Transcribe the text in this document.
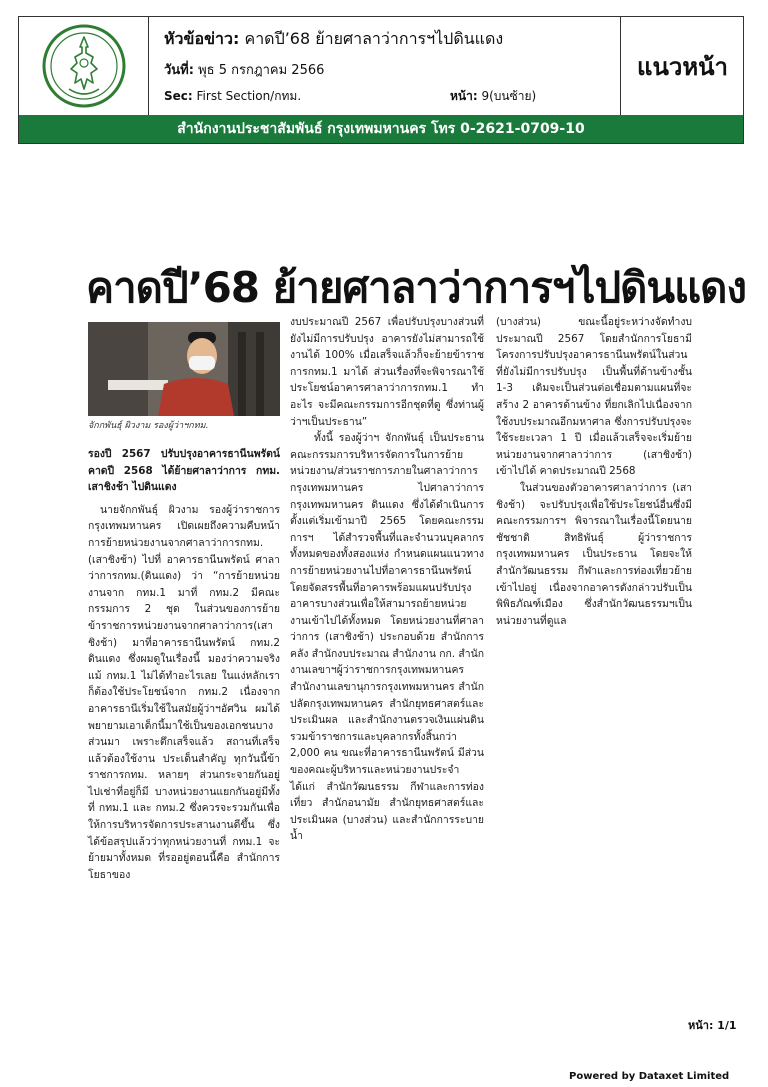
หัวข้อข่าว: คาดปี’68 ย้ายศาลาว่าการฯไปดินแดง
วันที่: พุธ 5 กรกฎาคม 2566
Sec: First Section/กทม.	หน้า: 9(บนซ้าย)
แนวหน้า
สำนักงานประชาสัมพันธ์ กรุงเทพมหานคร โทร 0-2621-0709-10
คาดปี’68 ย้ายศาลาว่าการฯไปดินแดง
จักกพันธุ์ ผิวงาม รองผู้ว่าฯกทม.

รองปี 2567 ปรับปรุงอาคารธานีนพรัตน์ คาดปี 2568 ได้ย้ายศาลาว่าการ กทม. เสาชิงช้า ไปดินแดง

นายจักกพันธุ์ ผิวงาม รองผู้ว่าราชการกรุงเทพมหานคร เปิดเผยถึงความคืบหน้าการย้ายหน่วยงานจากศาลาว่าการกทม.(เสาชิงช้า) ไปที่ อาคารธานีนพรัตน์ ศาลาว่าการกทม.(ดินแดง) ว่า “การย้ายหน่วยงานจาก กทม.1 มาที่ กทม.2 มีคณะกรรมการ 2 ชุด ในส่วนของการย้ายข้าราชการหน่วยงานจากศาลาว่าการ(เสาชิงช้า) มาที่อาคารธานีนพรัตน์ กทม.2 ดินแดง ซึ่งผมดูในเรื่องนี้ มองว่าความจริงแม้ กทม.1 ไม่ได้ทำอะไรเลย ในแง่หลักเราก็ต้องใช้ประโยชน์จาก กทม.2 เนื่องจากอาคารธานีเริ่มใช้ในสมัยผู้ว่าฯอัศวิน ผมได้พยายามเอาเด็กนี้มาใช้เป็นของเอกชนบางส่วนมา เพราะตึกเสร็จแล้ว สถานที่เสร็จแล้วต้องใช้งาน ประเด็นสำคัญ ทุกวันนี้ข้าราชการกทม. หลายๆ ส่วนกระจายกันอยู่ ไปเช่าที่อยู่ก็มี บางหน่วยงานแยกกันอยู่มีทั้งที่ กทม.1 และ กทม.2 ซึ่งควรจะรวมกันเพื่อให้การบริหารจัดการประสานงานดีขึ้น ซึ่งได้ข้อสรุปแล้วว่าทุกหน่วยงานที่ กทม.1 จะย้ายมาทั้งหมด ที่รออยู่ตอนนี้คือ สำนักการโยธาของ

งบประมาณปี 2567 เพื่อปรับปรุงบางส่วนที่ยังไม่มีการปรับปรุง อาคารยังไม่สามารถใช้งานได้ 100% เมื่อเสร็จแล้วก็จะย้ายข้าราชการกทม.1 มาได้ ส่วนเรื่องที่จะพิจารณาใช้ประโยชน์อาคารศาลาว่าการกทม.1 ทำอะไร จะมีคณะกรรมการอีกชุดที่ดู ซึ่งท่านผู้ว่าฯเป็นประธาน”

ทั้งนี้ รองผู้ว่าฯ จักกพันธุ์ เป็นประธานคณะกรรมการบริหารจัดการในการย้ายหน่วยงาน/ส่วนราชการภายในศาลาว่าการกรุงเทพมหานคร ไปศาลาว่าการกรุงเทพมหานคร ดินแดง ซึ่งได้ดำเนินการตั้งแต่เริ่มเข้ามาปี 2565 โดยคณะกรรมการฯ ได้สำรวจพื้นที่และจำนวนบุคลากรทั้งหมดของทั้งสองแห่ง กำหนดแผนแนวทางการย้ายหน่วยงานไปที่อาคารธานีนพรัตน์ โดยจัดสรรพื้นที่อาคารพร้อมแผนปรับปรุงอาคารบางส่วนเพื่อให้สามารถย้ายหน่วยงานเข้าไปได้ทั้งหมด โดยหน่วยงานที่ศาลาว่าการ (เสาชิงช้า) ประกอบด้วย สำนักการคลัง สำนักงบประมาณ สำนักงาน กก. สำนักงานเลขาฯผู้ว่าราชการกรุงเทพมหานคร สำนักงานเลขานุการกรุงเทพมหานคร สำนักปลัดกรุงเทพมหานคร สำนักยุทธศาสตร์และประเมินผล และสำนักงานตรวจเงินแผ่นดิน รวมข้าราชการและบุคลากรทั้งสิ้นกว่า 2,000 คน ขณะที่อาคารธานีนพรัตน์ มีส่วนของคณะผู้บริหารและหน่วยงานประจำ ได้แก่ สำนักวัฒนธรรม กีฬาและการท่องเที่ยว สำนักอนามัย สำนักยุทธศาสตร์และประเมินผล (บางส่วน) และสำนักการระบายน้ำ

(บางส่วน) ขณะนี้อยู่ระหว่างจัดทำงบประมาณปี 2567 โดยสำนักการโยธามีโครงการปรับปรุงอาคารธานีนพรัตน์ในส่วนที่ยังไม่มีการปรับปรุง เป็นพื้นที่ด้านข้างชั้น 1-3 เดิมจะเป็นส่วนต่อเชื่อมตามแผนที่จะสร้าง 2 อาคารด้านข้าง ที่ยกเลิกไปเนื่องจากใช้งบประมาณอีกมหาศาล ซึ่งการปรับปรุงจะใช้ระยะเวลา 1 ปี เมื่อแล้วเสร็จจะเริ่มย้ายหน่วยงานจากศาลาว่าการ (เสาชิงช้า) เข้าไปได้ คาดประมาณปี 2568

ในส่วนของตัวอาคารศาลาว่าการ (เสาชิงช้า) จะปรับปรุงเพื่อใช้ประโยชน์อื่นซึ่งมีคณะกรรมการฯ พิจารณาในเรื่องนี้โดยนายชัชชาติ สิทธิพันธุ์ ผู้ว่าราชการกรุงเทพมหานคร เป็นประธาน โดยจะให้สำนักวัฒนธรรม กีฬาและการท่องเที่ยวย้ายเข้าไปอยู่ เนื่องจากอาคารดังกล่าวปรับเป็นพิพิธภัณฑ์เมือง ซึ่งสำนักวัฒนธรรมฯเป็นหน่วยงานที่ดูแล

หน้า: 1/1
Powered by Dataxet Limited
